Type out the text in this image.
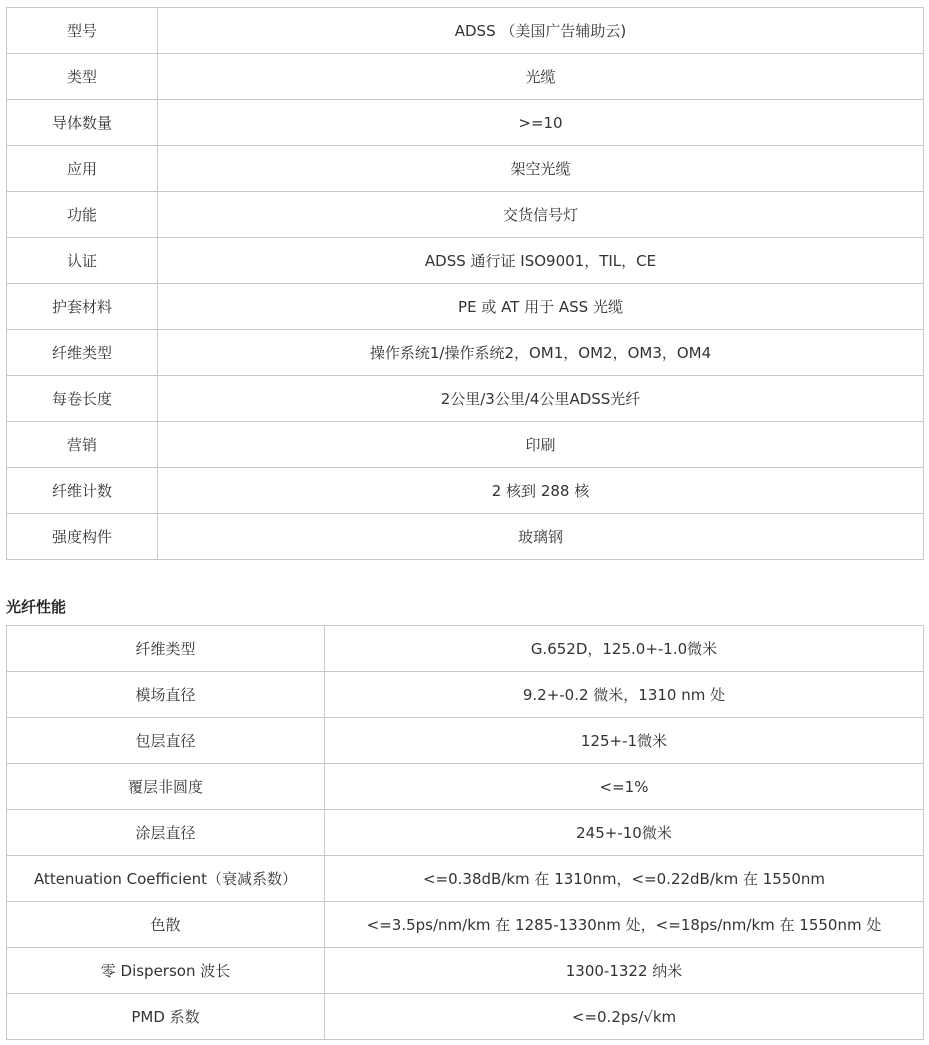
型号	ADSS （美国广告辅助云)
类型	光缆
导体数量	>=10
应用	架空光缆
功能	交货信号灯
认证	ADSS 通行证 ISO9001，TIL，CE
护套材料	PE 或 AT 用于 ASS 光缆
纤维类型	操作系统1/操作系统2，OM1，OM2，OM3，OM4
每卷长度	2公里/3公里/4公里ADSS光纤
营销	印刷
纤维计数	2 核到 288 核
强度构件	玻璃钢
光纤性能
纤维类型	G.652D，125.0+-1.0微米
模场直径	9.2+-0.2 微米，1310 nm 处
包层直径	125+-1微米
覆层非圆度	<=1%
涂层直径	245+-10微米
Attenuation Coefficient（衰减系数）	<=0.38dB/km 在 1310nm，<=0.22dB/km 在 1550nm
色散	<=3.5ps/nm/km 在 1285-1330nm 处，<=18ps/nm/km 在 1550nm 处
零 Disperson 波长	1300-1322 纳米
PMD 系数	<=0.2ps/√km
